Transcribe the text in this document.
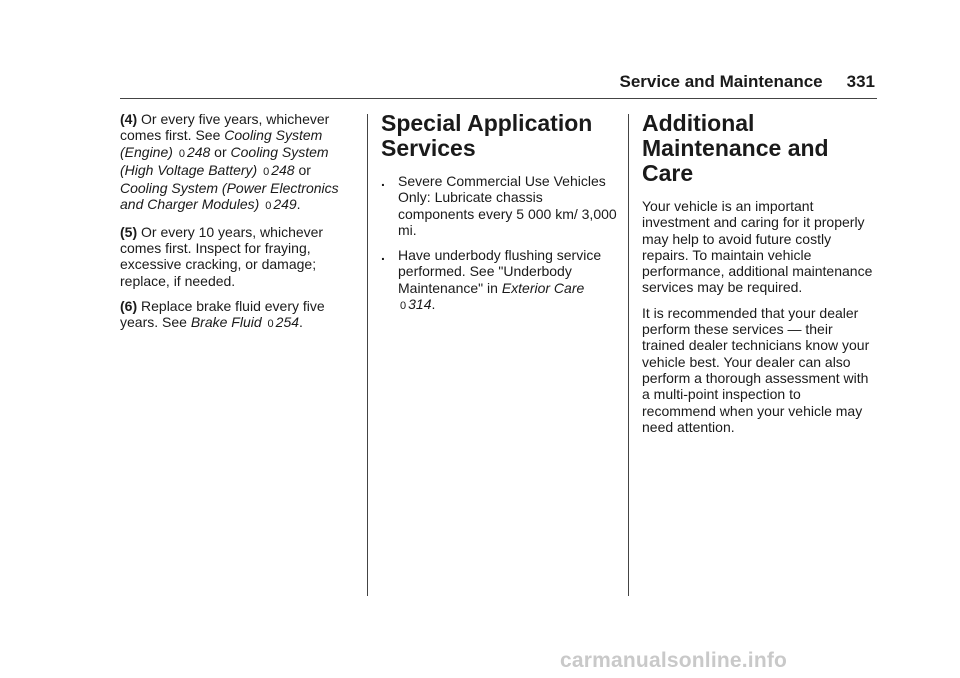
Service and Maintenance 331

(4) Or every five years, whichever comes first. See Cooling System (Engine) 0 248 or Cooling System (High Voltage Battery) 0 248 or Cooling System (Power Electronics and Charger Modules) 0 249.

(5) Or every 10 years, whichever comes first. Inspect for fraying, excessive cracking, or damage; replace, if needed.

(6) Replace brake fluid every five years. See Brake Fluid 0 254.

Special Application Services
. Severe Commercial Use Vehicles Only: Lubricate chassis components every 5 000 km/ 3,000 mi.
. Have underbody flushing service performed. See "Underbody Maintenance" in Exterior Care 0 314.
Additional Maintenance and Care

Your vehicle is an important investment and caring for it properly may help to avoid future costly repairs. To maintain vehicle performance, additional maintenance services may be required.

It is recommended that your dealer perform these services — their trained dealer technicians know your vehicle best. Your dealer can also perform a thorough assessment with a multi-point inspection to recommend when your vehicle may need attention.

carmanualsonline.info
